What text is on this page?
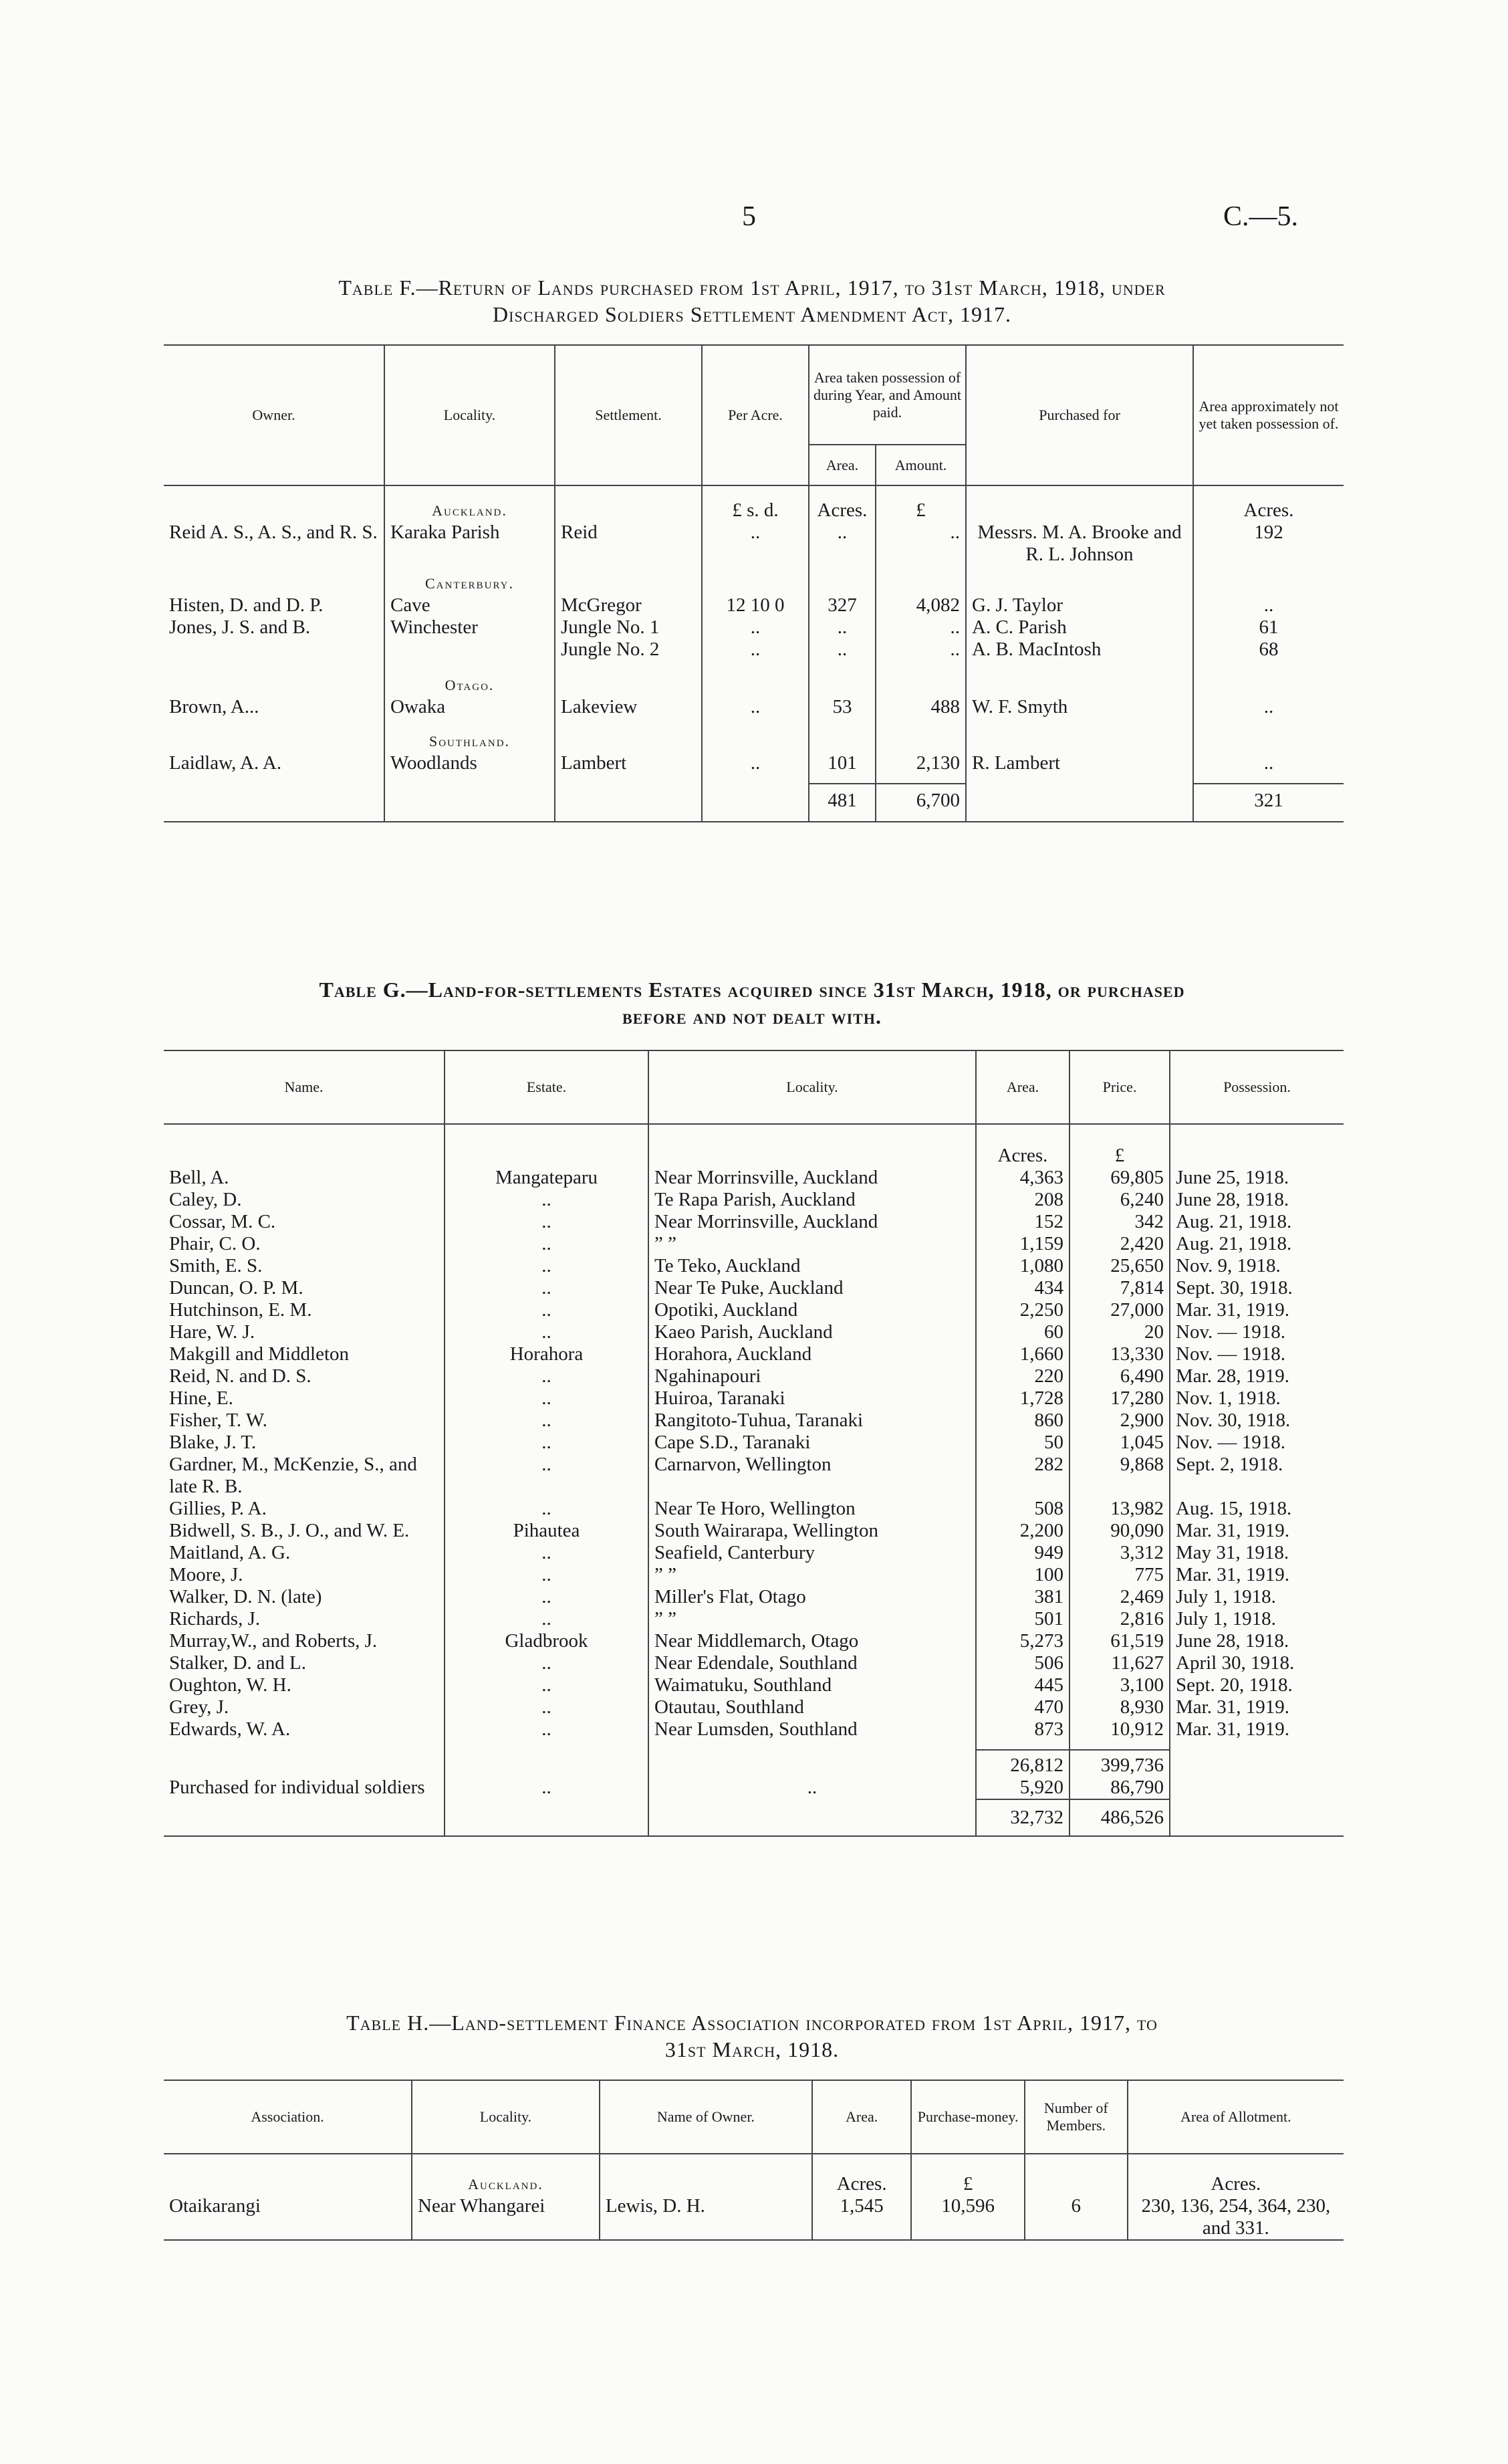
5	C.—5.
Table F.—Return of Lands purchased from 1st April, 1917, to 31st March, 1918, under
Discharged Soldiers Settlement Amendment Act, 1917.
Owner.	Locality.	Settlement.	Per Acre.	Area taken possession of during Year, and Amount paid.		Purchased for	Area approximately not yet taken possession of.
				Area.	Amount.		
	Auckland.		£ s. d.	Acres.	£		Acres.
Reid A. S., A. S., and R. S.	Karaka Parish	Reid	..	..	..	Messrs. M. A. Brooke and R. L. Johnson	192
	Canterbury.						
Histen, D. and D. P.	Cave	McGregor	12 10 0	327	4,082	G. J. Taylor	..
Jones, J. S. and B.	Winchester	Jungle No. 1	..	..	..	A. C. Parish	61
		Jungle No. 2	..	..	..	A. B. MacIntosh	68
	Otago.						
Brown, A...	Owaka	Lakeview	..	53	488	W. F. Smyth	..
	Southland.						
Laidlaw, A. A.	Woodlands	Lambert	..	101	2,130	R. Lambert	..

				481	6,700		321

Table G.—Land-for-settlements Estates acquired since 31st March, 1918, or purchased
before and not dealt with.
Name.	Estate.	Locality.	Area.	Price.	Possession.
			Acres.	£	
Bell, A.	Mangateparu	Near Morrinsville, Auckland	4,363	69,805	June 25, 1918.
Caley, D.	..	Te Rapa Parish, Auckland	208	6,240	June 28, 1918.
Cossar, M. C.	..	Near Morrinsville, Auckland	152	342	Aug. 21, 1918.
Phair, C. O.	..	” ”	1,159	2,420	Aug. 21, 1918.
Smith, E. S.	..	Te Teko, Auckland	1,080	25,650	Nov. 9, 1918.
Duncan, O. P. M.	..	Near Te Puke, Auckland	434	7,814	Sept. 30, 1918.
Hutchinson, E. M.	..	Opotiki, Auckland	2,250	27,000	Mar. 31, 1919.
Hare, W. J.	..	Kaeo Parish, Auckland	60	20	Nov. — 1918.
Makgill and Middleton	Horahora	Horahora, Auckland	1,660	13,330	Nov. — 1918.
Reid, N. and D. S.	..	Ngahinapouri	220	6,490	Mar. 28, 1919.
Hine, E.	..	Huiroa, Taranaki	1,728	17,280	Nov. 1, 1918.
Fisher, T. W.	..	Rangitoto-Tuhua, Taranaki	860	2,900	Nov. 30, 1918.
Blake, J. T.	..	Cape S.D., Taranaki	50	1,045	Nov. — 1918.
Gardner, M., McKenzie, S., and late R. B.	..	Carnarvon, Wellington	282	9,868	Sept. 2, 1918.
Gillies, P. A.	..	Near Te Horo, Wellington	508	13,982	Aug. 15, 1918.
Bidwell, S. B., J. O., and W. E.	Pihautea	South Wairarapa, Wellington	2,200	90,090	Mar. 31, 1919.
Maitland, A. G.	..	Seafield, Canterbury	949	3,312	May 31, 1918.
Moore, J.	..	” ”	100	775	Mar. 31, 1919.
Walker, D. N. (late)	..	Miller's Flat, Otago	381	2,469	July 1, 1918.
Richards, J.	..	” ”	501	2,816	July 1, 1918.
Murray,W., and Roberts, J.	Gladbrook	Near Middlemarch, Otago	5,273	61,519	June 28, 1918.
Stalker, D. and L.	..	Near Edendale, Southland	506	11,627	April 30, 1918.
Oughton, W. H.	..	Waimatuku, Southland	445	3,100	Sept. 20, 1918.
Grey, J.	..	Otautau, Southland	470	8,930	Mar. 31, 1919.
Edwards, W. A.	..	Near Lumsden, Southland	873	10,912	Mar. 31, 1919.

			26,812	399,736	
Purchased for individual soldiers	..	..	5,920	86,790	
			32,732	486,526	

Table H.—Land-settlement Finance Association incorporated from 1st April, 1917, to
31st March, 1918.
Association.	Locality.	Name of Owner.	Area.	Purchase-money.	Number of Members.	Area of Allotment.
	Auckland.		Acres.	£		Acres.
Otaikarangi	Near Whangarei	Lewis, D. H.	1,545	10,596	6	230, 136, 254, 364, 230, and 331.
